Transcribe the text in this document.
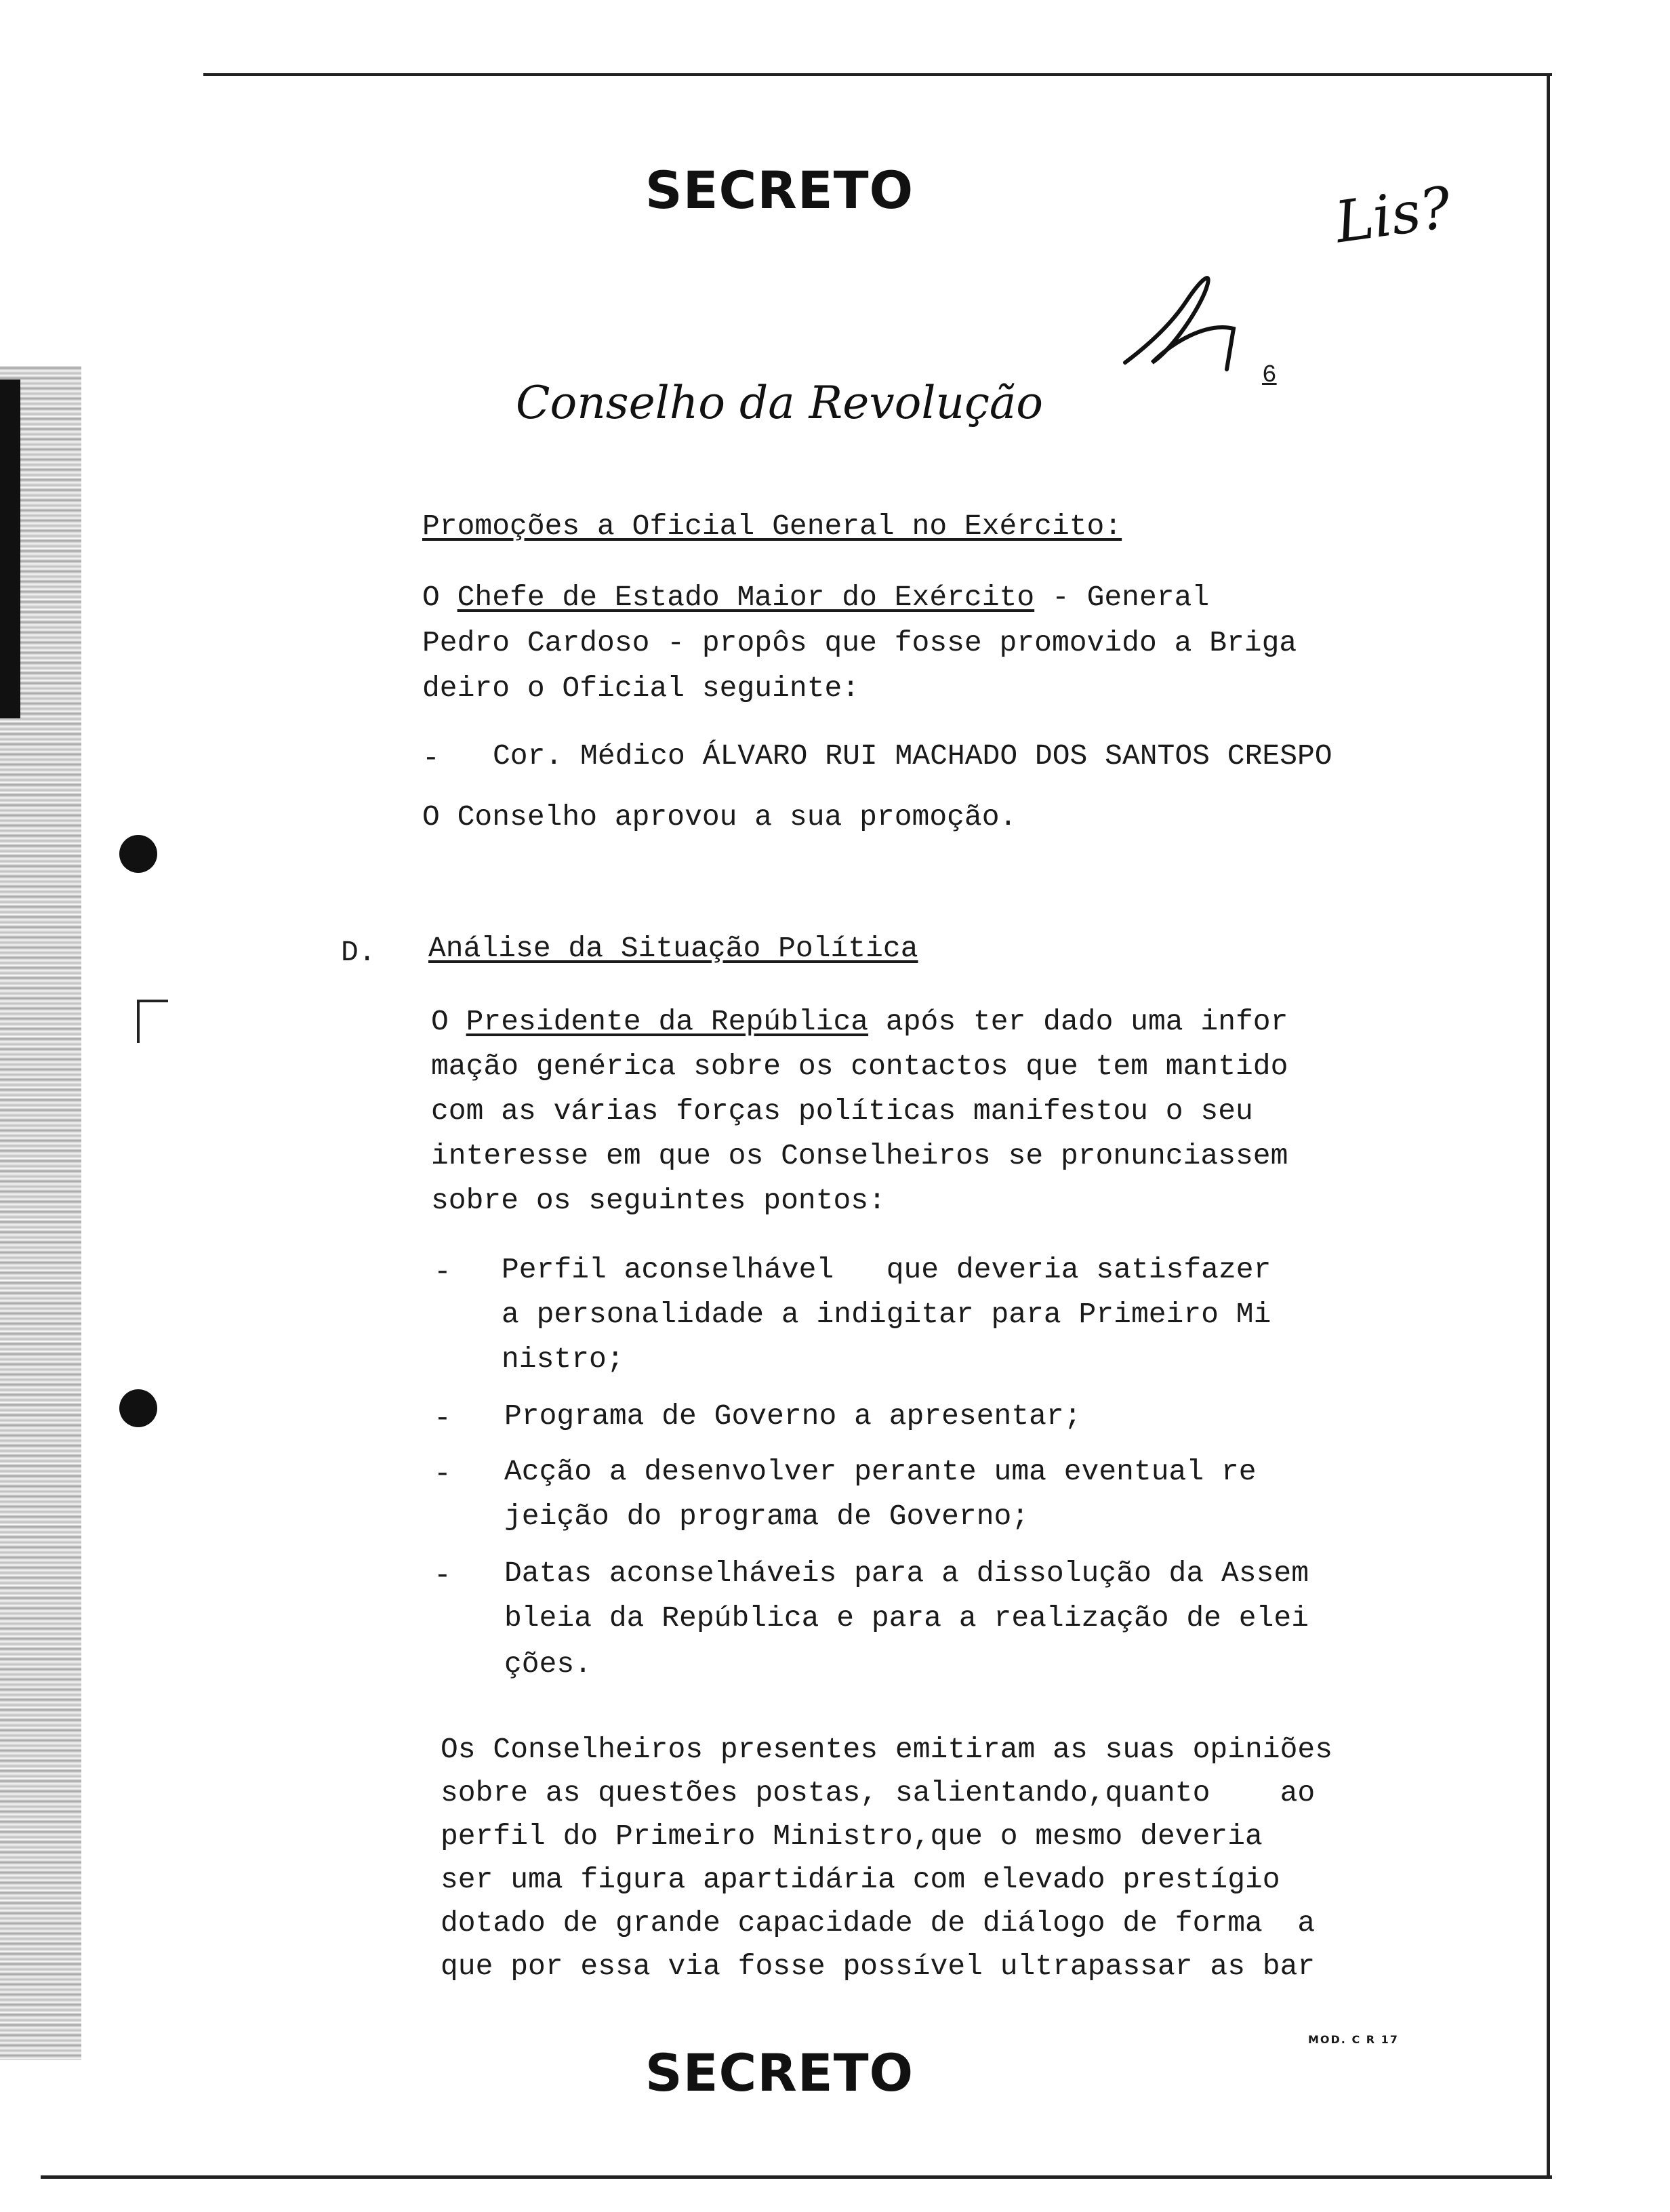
SECRETO	Lis?
6
Conselho da Revolução
Promoções a Oficial General no Exército:
O Chefe de Estado Maior do Exército - General
Pedro Cardoso - propôs que fosse promovido a Briga
deiro o Oficial seguinte:
- Cor. Médico ÁLVARO RUI MACHADO DOS SANTOS CRESPO
O Conselho aprovou a sua promoção.
D. Análise da Situação Política
O Presidente da República após ter dado uma infor
mação genérica sobre os contactos que tem mantido
com as várias forças políticas manifestou o seu
interesse em que os Conselheiros se pronunciassem
sobre os seguintes pontos:
- Perfil aconselhável   que deveria satisfazer
a personalidade a indigitar para Primeiro Mi
nistro;
- Programa de Governo a apresentar;
- Acção a desenvolver perante uma eventual re
jeição do programa de Governo;
- Datas aconselháveis para a dissolução da Assem
bleia da República e para a realização de elei
ções.
Os Conselheiros presentes emitiram as suas opiniões
sobre as questões postas, salientando,quanto    ao
perfil do Primeiro Ministro,que o mesmo deveria
ser uma figura apartidária com elevado prestígio
dotado de grande capacidade de diálogo de forma  a
que por essa via fosse possível ultrapassar as bar
MOD. C R 17
SECRETO
